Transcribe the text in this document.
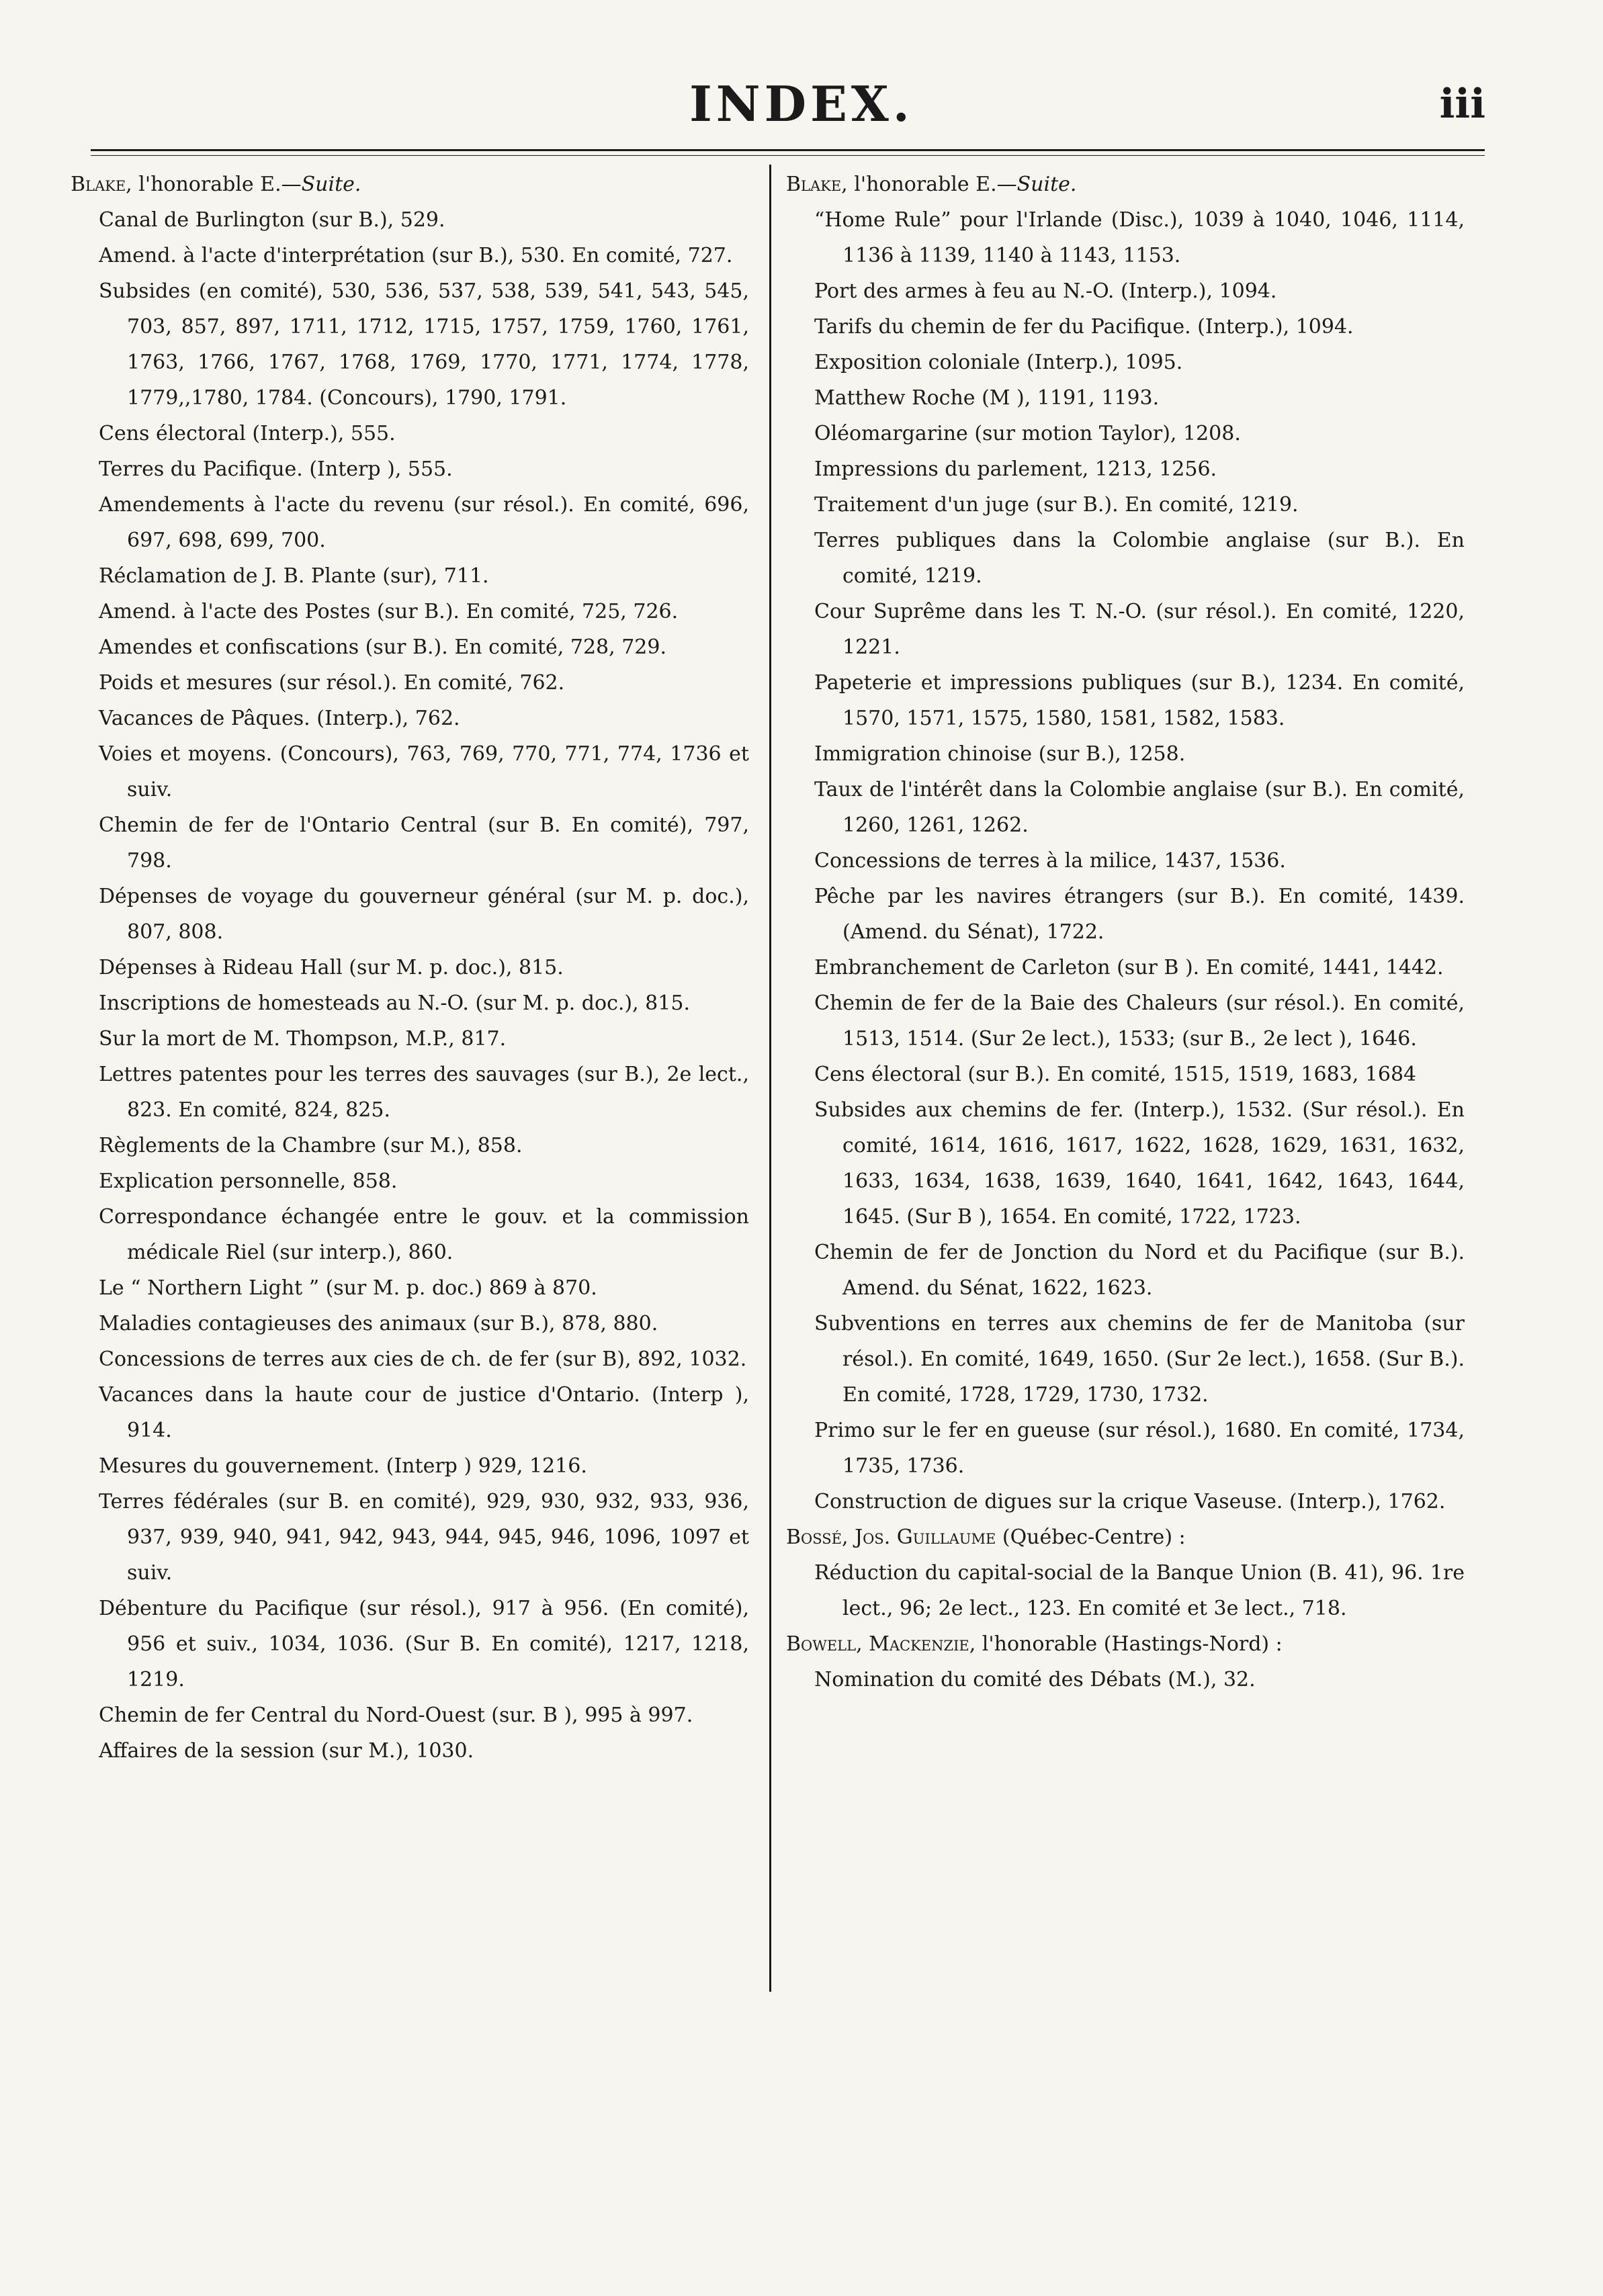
INDEX.	iii

Blake, l'honorable E.—Suite.

Canal de Burlington (sur B.), 529.
Amend. à l'acte d'interprétation (sur B.), 530. En comité, 727.
Subsides (en comité), 530, 536, 537, 538, 539, 541, 543, 545, 703, 857, 897, 1711, 1712, 1715, 1757, 1759, 1760, 1761, 1763, 1766, 1767, 1768, 1769, 1770, 1771, 1774, 1778, 1779,,1780, 1784. (Concours), 1790, 1791.
Cens électoral (Interp.), 555.
Terres du Pacifique. (Interp ), 555.
Amendements à l'acte du revenu (sur résol.). En comité, 696, 697, 698, 699, 700.
Réclamation de J. B. Plante (sur), 711.
Amend. à l'acte des Postes (sur B.). En comité, 725, 726.
Amendes et confiscations (sur B.). En comité, 728, 729.
Poids et mesures (sur résol.). En comité, 762.
Vacances de Pâques. (Interp.), 762.
Voies et moyens. (Concours), 763, 769, 770, 771, 774, 1736 et suiv.
Chemin de fer de l'Ontario Central (sur B. En comité), 797, 798.
Dépenses de voyage du gouverneur général (sur M. p. doc.), 807, 808.
Dépenses à Rideau Hall (sur M. p. doc.), 815.
Inscriptions de homesteads au N.-O. (sur M. p. doc.), 815.
Sur la mort de M. Thompson, M.P., 817.
Lettres patentes pour les terres des sauvages (sur B.), 2e lect., 823. En comité, 824, 825.
Règlements de la Chambre (sur M.), 858.
Explication personnelle, 858.
Correspondance échangée entre le gouv. et la commission médicale Riel (sur interp.), 860.
Le “ Northern Light ” (sur M. p. doc.) 869 à 870.
Maladies contagieuses des animaux (sur B.), 878, 880.
Concessions de terres aux cies de ch. de fer (sur B), 892, 1032.
Vacances dans la haute cour de justice d'Ontario. (Interp ), 914.
Mesures du gouvernement. (Interp ) 929, 1216.
Terres fédérales (sur B. en comité), 929, 930, 932, 933, 936, 937, 939, 940, 941, 942, 943, 944, 945, 946, 1096, 1097 et suiv.
Débenture du Pacifique (sur résol.), 917 à 956. (En comité), 956 et suiv., 1034, 1036. (Sur B. En comité), 1217, 1218, 1219.
Chemin de fer Central du Nord-Ouest (sur. B ), 995 à 997.
Affaires de la session (sur M.), 1030.

Blake, l'honorable E.—Suite.

“Home Rule” pour l'Irlande (Disc.), 1039 à 1040, 1046, 1114, 1136 à 1139, 1140 à 1143, 1153.
Port des armes à feu au N.-O. (Interp.), 1094.
Tarifs du chemin de fer du Pacifique. (Interp.), 1094.
Exposition coloniale (Interp.), 1095.
Matthew Roche (M ), 1191, 1193.
Oléomargarine (sur motion Taylor), 1208.
Impressions du parlement, 1213, 1256.
Traitement d'un juge (sur B.). En comité, 1219.
Terres publiques dans la Colombie anglaise (sur B.). En comité, 1219.
Cour Suprême dans les T. N.-O. (sur résol.). En comité, 1220, 1221.
Papeterie et impressions publiques (sur B.), 1234. En comité, 1570, 1571, 1575, 1580, 1581, 1582, 1583.
Immigration chinoise (sur B.), 1258.
Taux de l'intérêt dans la Colombie anglaise (sur B.). En comité, 1260, 1261, 1262.
Concessions de terres à la milice, 1437, 1536.
Pêche par les navires étrangers (sur B.). En comité, 1439. (Amend. du Sénat), 1722.
Embranchement de Carleton (sur B ). En comité, 1441, 1442.
Chemin de fer de la Baie des Chaleurs (sur résol.). En comité, 1513, 1514. (Sur 2e lect.), 1533; (sur B., 2e lect ), 1646.
Cens électoral (sur B.). En comité, 1515, 1519, 1683, 1684
Subsides aux chemins de fer. (Interp.), 1532. (Sur résol.). En comité, 1614, 1616, 1617, 1622, 1628, 1629, 1631, 1632, 1633, 1634, 1638, 1639, 1640, 1641, 1642, 1643, 1644, 1645. (Sur B ), 1654. En comité, 1722, 1723.
Chemin de fer de Jonction du Nord et du Pacifique (sur B.). Amend. du Sénat, 1622, 1623.
Subventions en terres aux chemins de fer de Manitoba (sur résol.). En comité, 1649, 1650. (Sur 2e lect.), 1658. (Sur B.). En comité, 1728, 1729, 1730, 1732.
Primo sur le fer en gueuse (sur résol.), 1680. En comité, 1734, 1735, 1736.
Construction de digues sur la crique Vaseuse. (Interp.), 1762.

Bossé, Jos. Guillaume (Québec-Centre) :

Réduction du capital-social de la Banque Union (B. 41), 96. 1re lect., 96; 2e lect., 123. En comité et 3e lect., 718.

Bowell, Mackenzie, l'honorable (Hastings-Nord) :

Nomination du comité des Débats (M.), 32.
